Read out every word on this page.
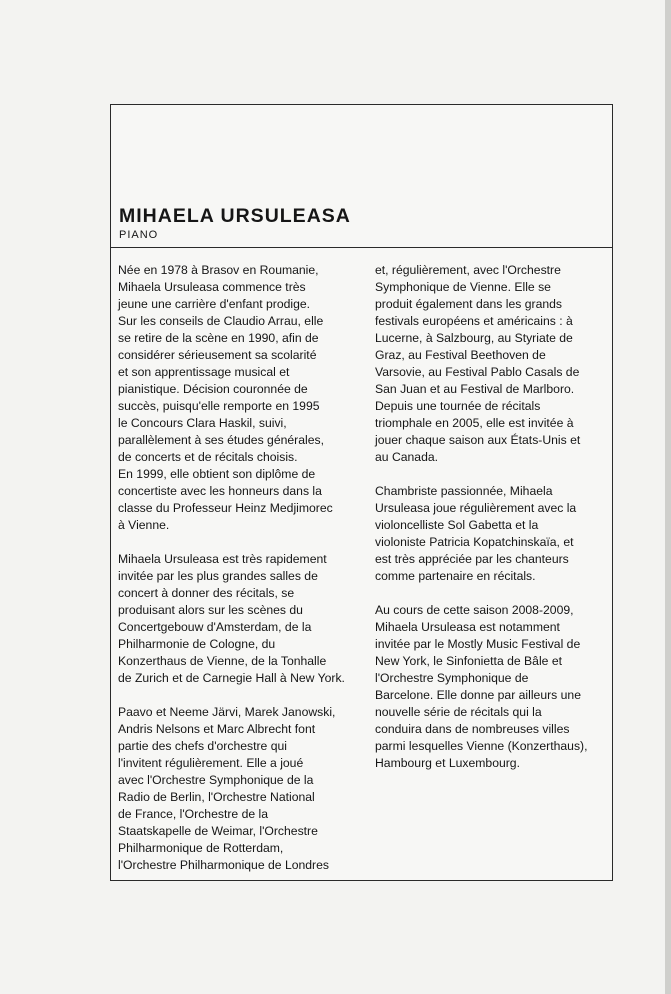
MIHAELA URSULEASA
PIANO

Née en 1978 à Brasov en Roumanie,
Mihaela Ursuleasa commence très
jeune une carrière d'enfant prodige.
Sur les conseils de Claudio Arrau, elle
se retire de la scène en 1990, afin de
considérer sérieusement sa scolarité
et son apprentissage musical et
pianistique. Décision couronnée de
succès, puisqu'elle remporte en 1995
le Concours Clara Haskil, suivi,
parallèlement à ses études générales,
de concerts et de récitals choisis.
En 1999, elle obtient son diplôme de
concertiste avec les honneurs dans la
classe du Professeur Heinz Medjimorec
à Vienne.

Mihaela Ursuleasa est très rapidement
invitée par les plus grandes salles de
concert à donner des récitals, se
produisant alors sur les scènes du
Concertgebouw d'Amsterdam, de la
Philharmonie de Cologne, du
Konzerthaus de Vienne, de la Tonhalle
de Zurich et de Carnegie Hall à New York.

Paavo et Neeme Järvi, Marek Janowski,
Andris Nelsons et Marc Albrecht font
partie des chefs d'orchestre qui
l'invitent régulièrement. Elle a joué
avec l'Orchestre Symphonique de la
Radio de Berlin, l'Orchestre National
de France, l'Orchestre de la
Staatskapelle de Weimar, l'Orchestre
Philharmonique de Rotterdam,
l'Orchestre Philharmonique de Londres

et, régulièrement, avec l'Orchestre
Symphonique de Vienne. Elle se
produit également dans les grands
festivals européens et américains : à
Lucerne, à Salzbourg, au Styriate de
Graz, au Festival Beethoven de
Varsovie, au Festival Pablo Casals de
San Juan et au Festival de Marlboro.
Depuis une tournée de récitals
triomphale en 2005, elle est invitée à
jouer chaque saison aux États-Unis et
au Canada.

Chambriste passionnée, Mihaela
Ursuleasa joue régulièrement avec la
violoncelliste Sol Gabetta et la
violoniste Patricia Kopatchinskaïa, et
est très appréciée par les chanteurs
comme partenaire en récitals.

Au cours de cette saison 2008-2009,
Mihaela Ursuleasa est notamment
invitée par le Mostly Music Festival de
New York, le Sinfonietta de Bâle et
l'Orchestre Symphonique de
Barcelone. Elle donne par ailleurs une
nouvelle série de récitals qui la
conduira dans de nombreuses villes
parmi lesquelles Vienne (Konzerthaus),
Hambourg et Luxembourg.
